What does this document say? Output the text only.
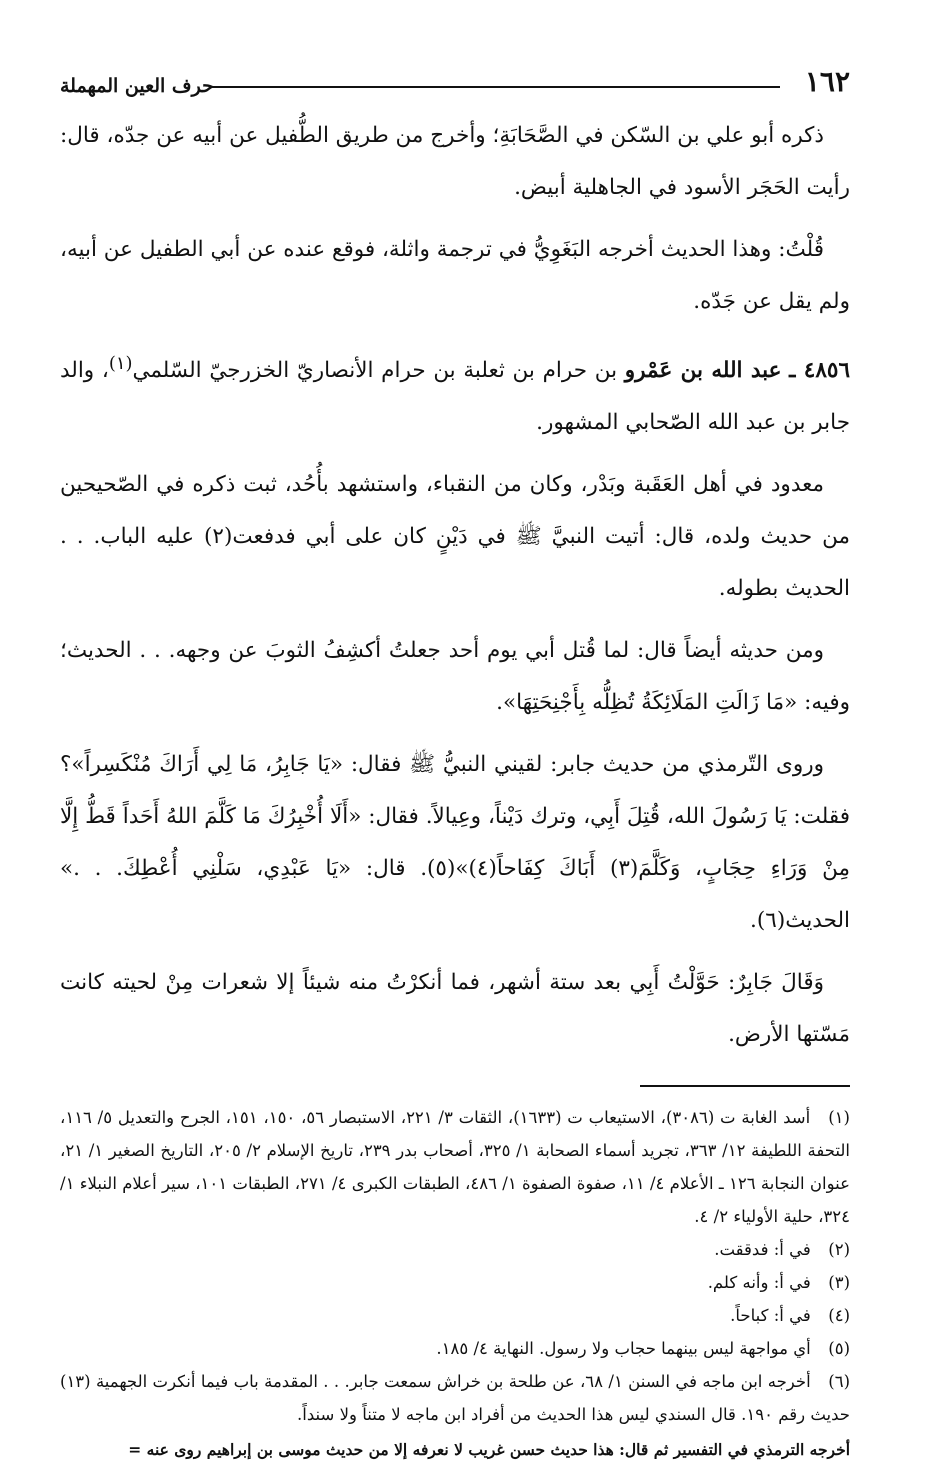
١٦٢
حرف العين المهملة

ذكره أبو علي بن السّكن في الصَّحَابَةِ؛ وأخرج من طريق الطُّفيل عن أبيه عن جدّه، قال: رأيت الحَجَر الأسود في الجاهلية أبيض.

قُلْتُ: وهذا الحديث أخرجه البَغَوِيُّ في ترجمة واثلة، فوقع عنده عن أبي الطفيل عن أبيه، ولم يقل عن جَدّه.

٤٨٥٦ ـ عبد الله بن عَمْرو بن حرام بن ثعلبة بن حرام الأنصاريّ الخزرجيّ السّلمي$^{(١)}$، والد جابر بن عبد الله الصّحابي المشهور.

معدود في أهل العَقَبة وبَدْر، وكان من النقباء، واستشهد بأُحُد، ثبت ذكره في الصّحيحين من حديث ولده، قال: أتيت النبيَّ ﷺ في دَيْنٍ كان على أبي فدفعت(٢) عليه الباب. . . الحديث بطوله.

ومن حديثه أيضاً قال: لما قُتل أبي يوم أحد جعلتُ أكشِفُ الثوبَ عن وجهه. . . الحديث؛ وفيه: «مَا زَالَتِ المَلَائِكَةُ تُظِلُّه بِأَجْنِحَتِهَا».

وروى التّرمذي من حديث جابر: لقيني النبيُّ ﷺ فقال: «يَا جَابِرُ، مَا لِي أَرَاكَ مُنْكَسِراً»؟ فقلت: يَا رَسُولَ الله، قُتِلَ أَبِي، وترك دَيْناً، وعِيالاً. فقال: «أَلَا أُخْبِرُكَ مَا كَلَّمَ اللهُ أَحَداً قَطُّ إِلَّا مِنْ وَرَاءِ حِجَابٍ، وَكَلَّمَ(٣) أَبَاكَ كِفَاحاً(٤)»(٥). قال: «يَا عَبْدِي، سَلْنِي أُعْطِكَ. . .» الحديث(٦).

وَقَالَ جَابِرٌ: حَوَّلْتُ أَبِي بعد ستة أشهر، فما أنكرْتُ منه شيئاً إلا شعرات مِنْ لحيته كانت مَسّتها الأرض.

(١) أسد الغابة ت (٣٠٨٦)، الاستيعاب ت (١٦٣٣)، الثقات ٣/ ٢٢١، الاستبصار ٥٦، ١٥٠، ١٥١، الجرح والتعديل ٥/ ١١٦، التحفة اللطيفة ١٢/ ٣٦٣، تجريد أسماء الصحابة ١/ ٣٢٥، أصحاب بدر ٢٣٩، تاريخ الإسلام ٢/ ٢٠٥، التاريخ الصغير ١/ ٢١، عنوان النجابة ١٢٦ ـ الأعلام ٤/ ١١، صفوة الصفوة ١/ ٤٨٦، الطبقات الكبرى ٤/ ٢٧١، الطبقات ١٠١، سير أعلام النبلاء ١/ ٣٢٤، حلية الأولياء ٢/ ٤.

(٢) في أ: فدققت.

(٣) في أ: وأنه كلم.

(٤) في أ: كباحاً.

(٥) أي مواجهة ليس بينهما حجاب ولا رسول. النهاية ٤/ ١٨٥.

(٦) أخرجه ابن ماجه في السنن ١/ ٦٨، عن طلحة بن خراش سمعت جابر. . . المقدمة باب فيما أنكرت الجهمية (١٣) حديث رقم ١٩٠. قال السندي ليس هذا الحديث من أفراد ابن ماجه لا متناً ولا سنداً.

أخرجه الترمذي في التفسير ثم قال: هذا حديث حسن غريب لا نعرفه إلا من حديث موسى بن إبراهيم روى عنه =
